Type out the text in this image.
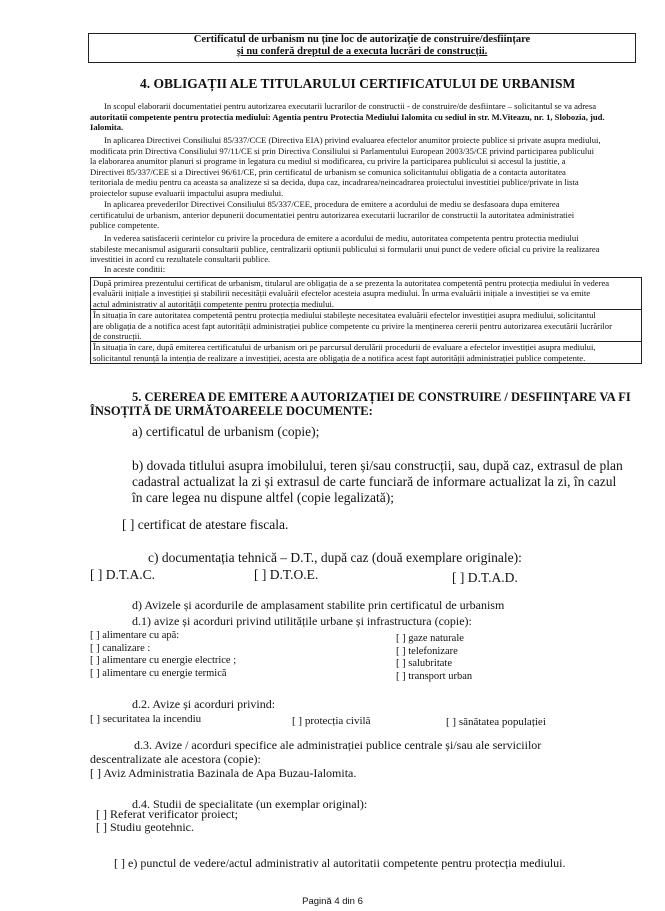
Certificatul de urbanism nu ține loc de autorizație de construire/desființare
și nu conferă dreptul de a executa lucrări de construcții.
4. OBLIGAȚII ALE TITULARULUI CERTIFICATULUI DE URBANISM
In scopul elaborarii documentatiei pentru autorizarea executarii lucrarilor de constructii - de construire/de desfiintare – solicitantul se va adresa
autoritatii competente pentru protectia mediului: Agentia pentru Protectia Mediului Ialomita cu sediul in str. M.Viteazu, nr. 1, Slobozia, jud.
Ialomita.
In aplicarea Directivei Consiliului 85/337/CCE (Directiva EIA) privind evaluarea efectelor anumitor proiecte publice si private asupra mediului,
modificata prin Directiva Consiliului 97/11/CE si prin Directiva Consiliului si Parlamentului European 2003/35/CE privind participarea publicului
la elaborarea anumitor planuri si programe in legatura cu mediul si modificarea, cu privire la participarea publicului si accesul la justitie, a
Directivei 85/337/CEE si a Directivei 96/61/CE, prin certificatul de urbanism se comunica solicitantului obligatia de a contacta autoritatea
teritoriala de mediu pentru ca aceasta sa analizeze si sa decida, dupa caz, incadrarea/neincadrarea proiectului investitiei publice/private in lista
proiectelor supuse evaluarii impactului asupra mediului.
In aplicarea prevederilor Directivei Consiliului 85/337/CEE, procedura de emitere a acordului de mediu se desfasoara dupa emiterea
certificatului de urbanism, anterior depunerii documentatiei pentru autorizarea executarii lucrarilor de constructii la autoritatea administratiei
publice competente.
In vederea satisfacerii cerintelor cu privire la procedura de emitere a acordului de mediu, autoritatea competenta pentru protectia mediului
stabileste mecanismul asigurarii consultarii publice, centralizarii optiunii publicului si formularii unui punct de vedere oficial cu privire la realizarea
investitiei in acord cu rezultatele consultarii publice.
In aceste conditii:
După primirea prezentului certificat de urbanism, titularul are obligația de a se prezenta la autoritatea competentă pentru protecția mediului în vederea
evaluării inițiale a investiției și stabilirii necesității evaluării efectelor acesteia asupra mediului. În urma evaluării inițiale a investiției se va emite
actul administrativ al autorității competente pentru protecția mediului.
În situația în care autoritatea competentă pentru protecția mediului stabilește necesitatea evaluării efectelor investiției asupra mediului, solicitantul
are obligația de a notifica acest fapt autorității administrației publice competente cu privire la menținerea cererii pentru autorizarea executării lucrărilor
de construcții.
În situația în care, după emiterea certificatului de urbanism ori pe parcursul derulării procedurii de evaluare a efectelor investiției asupra mediului,
solicitantul renunță la intenția de realizare a investiției, acesta are obligația de a notifica acest fapt autorității administrației publice competente.
5. CEREREA DE EMITERE A AUTORIZAȚIEI DE CONSTRUIRE / DESFIINȚARE VA FI
ÎNSOȚITĂ DE URMĂTOAREELE DOCUMENTE:
a) certificatul de urbanism (copie);
b) dovada titlului asupra imobilului, teren și/sau construcții, sau, după caz, extrasul de plan
cadastral actualizat la zi și extrasul de carte funciară de informare actualizat la zi, în cazul
în care legea nu dispune altfel (copie legalizată);
[ ] certificat de atestare fiscala.
c) documentația tehnică – D.T., după caz (două exemplare originale):
[ ] D.T.A.C.	[ ] D.T.O.E.	[ ] D.T.A.D.
d) Avizele și acordurile de amplasament stabilite prin certificatul de urbanism
d.1) avize și acorduri privind utilitățile urbane și infrastructura (copie):
[ ] alimentare cu apă:
[ ] canalizare :
[ ] alimentare cu energie electrice ;
[ ] alimentare cu energie termică
[ ] gaze naturale
[ ] telefonizare
[ ] salubritate
[ ] transport urban
d.2. Avize și acorduri privind:
[ ] securitatea la incendiu	[ ] protecția civilă	[ ] sănătatea populației
d.3. Avize / acorduri specifice ale administrației publice centrale și/sau ale serviciilor
descentralizate ale acestora (copie):
[ ] Aviz Administratia Bazinala de Apa Buzau-Ialomita.
d.4. Studii de specialitate (un exemplar original):
[ ] Referat verificator proiect;
[ ] Studiu geotehnic.
[ ] e) punctul de vedere/actul administrativ al autoritatii competente pentru protecția mediului.
Pagină 4 din 6
